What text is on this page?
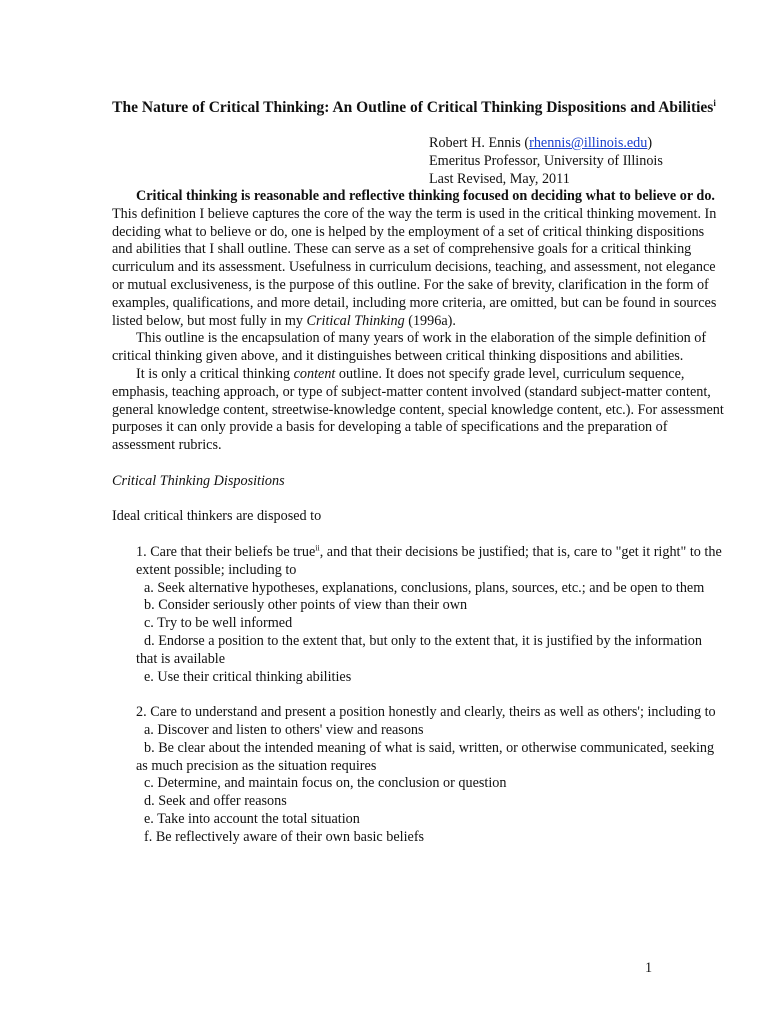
The Nature of Critical Thinking: An Outline of Critical Thinking Dispositions and Abilities$^i$
Robert H. Ennis (rhennis@illinois.edu)
Emeritus Professor, University of Illinois
Last Revised, May, 2011

Critical thinking is reasonable and reflective thinking focused on deciding what to believe or do. This definition I believe captures the core of the way the term is used in the critical thinking movement. In deciding what to believe or do, one is helped by the employment of a set of critical thinking dispositions and abilities that I shall outline. These can serve as a set of comprehensive goals for a critical thinking curriculum and its assessment. Usefulness in curriculum decisions, teaching, and assessment, not elegance or mutual exclusiveness, is the purpose of this outline. For the sake of brevity, clarification in the form of examples, qualifications, and more detail, including more criteria, are omitted, but can be found in sources listed below, but most fully in my Critical Thinking (1996a).

This outline is the encapsulation of many years of work in the elaboration of the simple definition of critical thinking given above, and it distinguishes between critical thinking dispositions and abilities.

It is only a critical thinking content outline. It does not specify grade level, curriculum sequence, emphasis, teaching approach, or type of subject-matter content involved (standard subject-matter content, general knowledge content, streetwise-knowledge content, special knowledge content, etc.). For assessment purposes it can only provide a basis for developing a table of specifications and the preparation of assessment rubrics.

Critical Thinking Dispositions

Ideal critical thinkers are disposed to

1. Care that their beliefs be true$^{ii}$, and that their decisions be justified; that is, care to "get it right" to the extent possible; including to

a. Seek alternative hypotheses, explanations, conclusions, plans, sources, etc.; and be open to them

b. Consider seriously other points of view than their own

c. Try to be well informed

d. Endorse a position to the extent that, but only to the extent that, it is justified by the information that is available

e. Use their critical thinking abilities

2. Care to understand and present a position honestly and clearly, theirs as well as others'; including to

a. Discover and listen to others' view and reasons

b. Be clear about the intended meaning of what is said, written, or otherwise communicated, seeking as much precision as the situation requires

c. Determine, and maintain focus on, the conclusion or question

d. Seek and offer reasons

e. Take into account the total situation

f. Be reflectively aware of their own basic beliefs

1
